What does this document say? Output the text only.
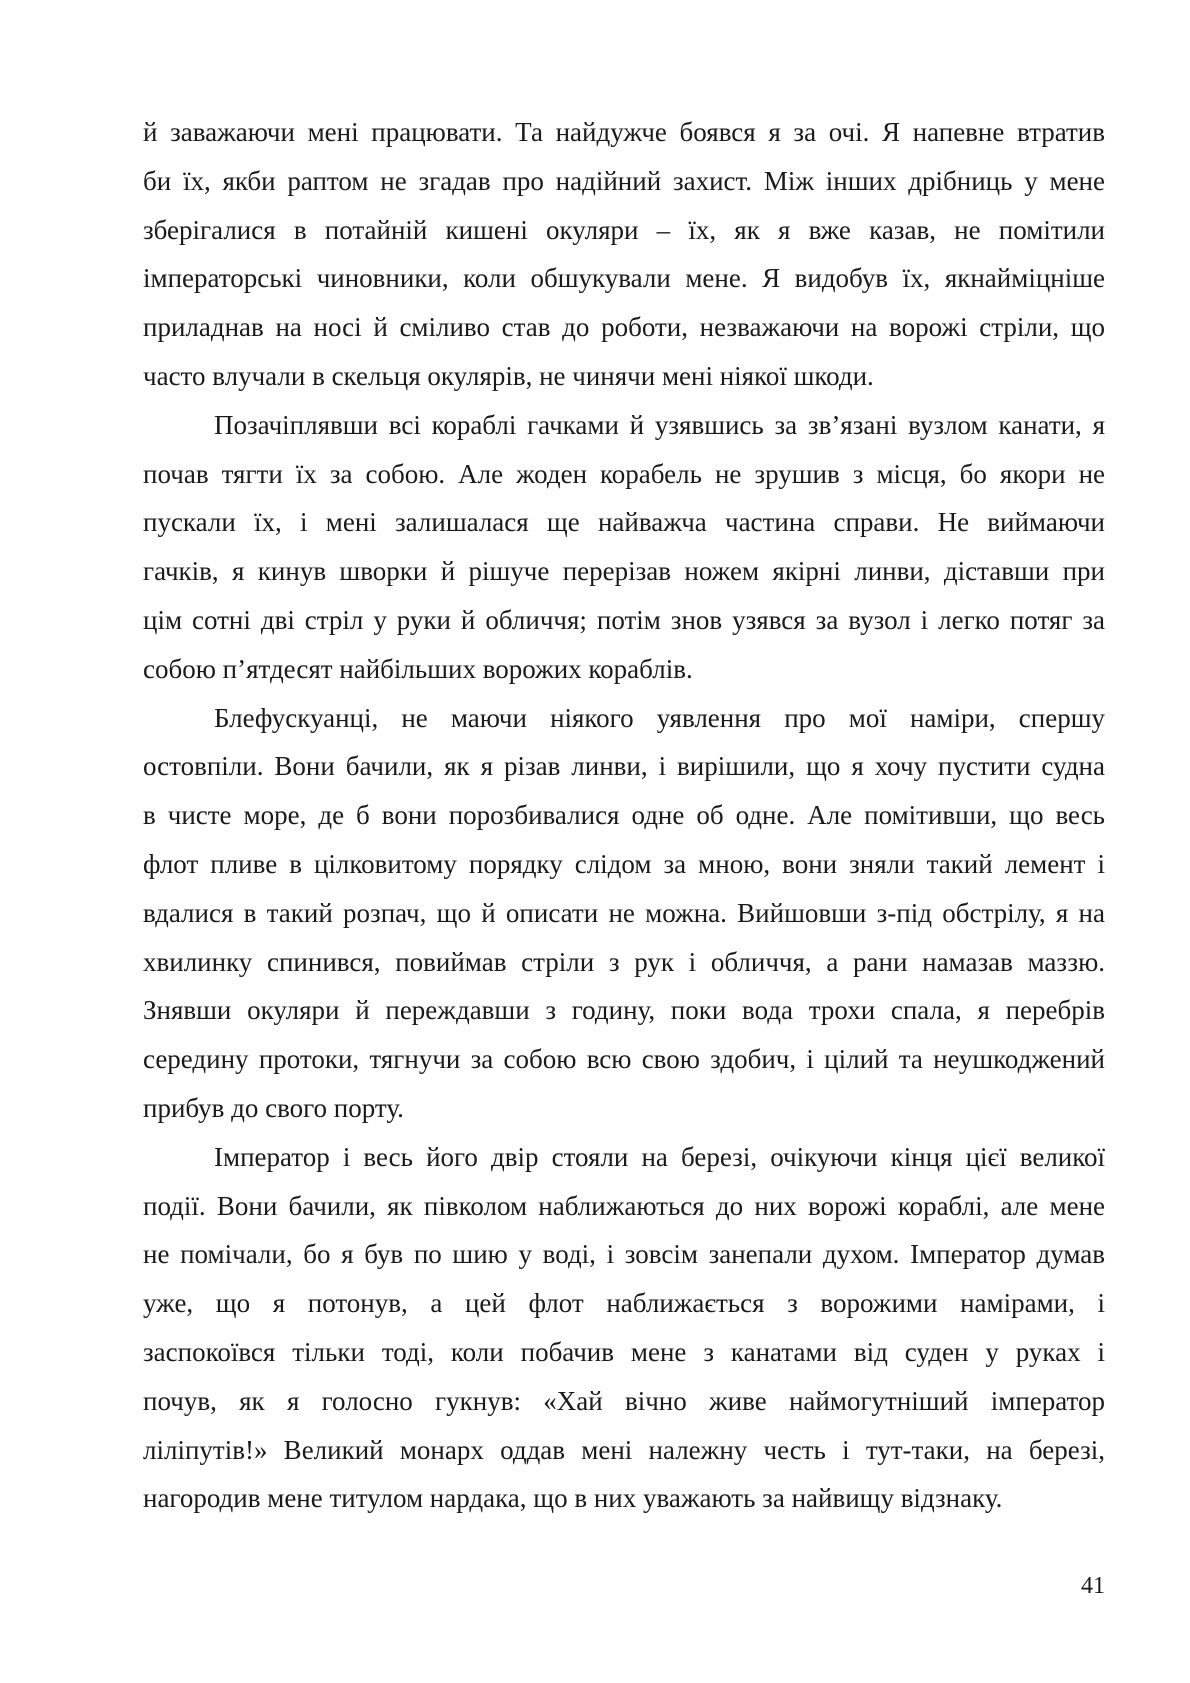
й заважаючи мені працювати. Та найдужче боявся я за очі. Я напевне втратив
би їх, якби раптом не згадав про надійний захист. Між інших дрібниць у мене
зберігалися в потайній кишені окуляри – їх, як я вже казав, не помітили
імператорські чиновники, коли обшукували мене. Я видобув їх, якнайміцніше
приладнав на носі й сміливо став до роботи, незважаючи на ворожі стріли, що
часто влучали в скельця окулярів, не чинячи мені ніякої шкоди.

Позачіплявши всі кораблі гачками й узявшись за зв’язані вузлом канати, я
почав тягти їх за собою. Але жоден корабель не зрушив з місця, бо якори не
пускали їх, і мені залишалася ще найважча частина справи. Не виймаючи
гачків, я кинув шворки й рішуче перерізав ножем якірні линви, діставши при
цім сотні дві стріл у руки й обличчя; потім знов узявся за вузол і легко потяг за
собою п’ятдесят найбільших ворожих кораблів.

Блефускуанці, не маючи ніякого уявлення про мої наміри, спершу
остовпіли. Вони бачили, як я різав линви, і вирішили, що я хочу пустити судна
в чисте море, де б вони порозбивалися одне об одне. Але помітивши, що весь
флот пливе в цілковитому порядку слідом за мною, вони зняли такий лемент і
вдалися в такий розпач, що й описати не можна. Вийшовши з-під обстрілу, я на
хвилинку спинився, повиймав стріли з рук і обличчя, а рани намазав маззю.
Знявши окуляри й переждавши з годину, поки вода трохи спала, я перебрів
середину протоки, тягнучи за собою всю свою здобич, і цілий та неушкоджений
прибув до свого порту.

Імператор і весь його двір стояли на березі, очікуючи кінця цієї великої
події. Вони бачили, як півколом наближаються до них ворожі кораблі, але мене
не помічали, бо я був по шию у воді, і зовсім занепали духом. Імператор думав
уже, що я потонув, а цей флот наближається з ворожими намірами, і
заспокоївся тільки тоді, коли побачив мене з канатами від суден у руках і
почув, як я голосно гукнув: «Хай вічно живе наймогутніший імператор
ліліпутів!» Великий монарх оддав мені належну честь і тут-таки, на березі,
нагородив мене титулом нардака, що в них уважають за найвищу відзнаку.

41
